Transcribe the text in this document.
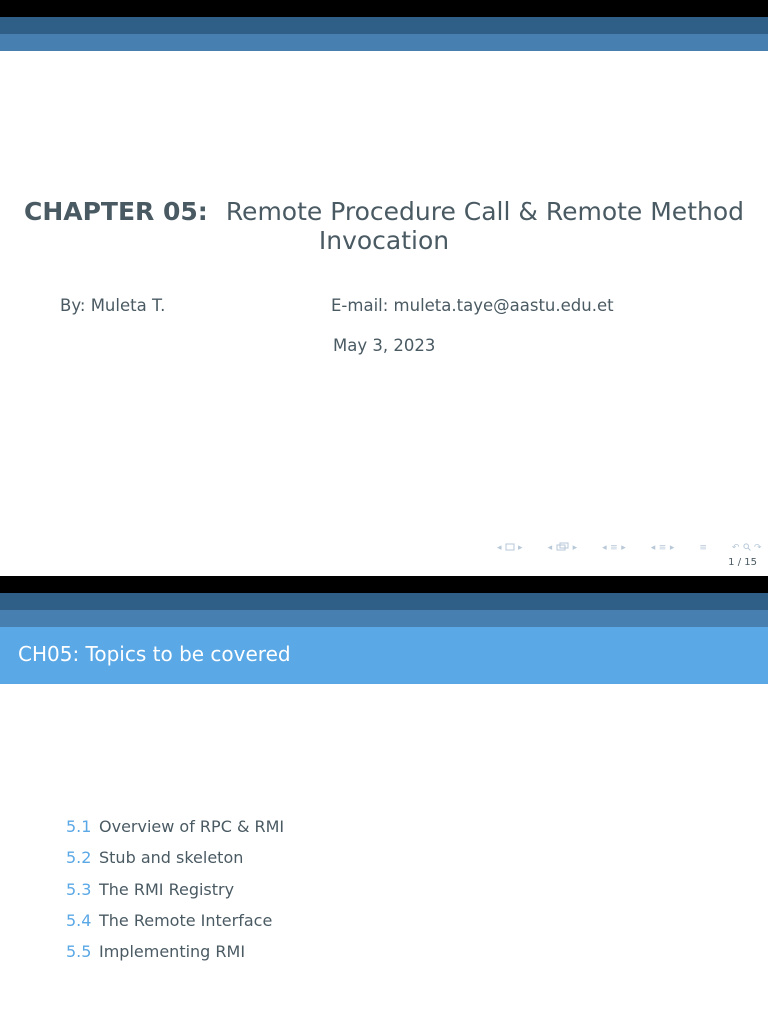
CHAPTER 05: Remote Procedure Call & Remote Method
Invocation
By: Muleta T.	E-mail: muleta.taye@aastu.edu.et
May 3, 2023
◂ ▸	◂ ▸	◂ ≡ ▸	◂ ≡ ▸	≡	↶ ↷
1 / 15
CH05: Topics to be covered
5.1 Overview of RPC & RMI
5.2 Stub and skeleton
5.3 The RMI Registry
5.4 The Remote Interface
5.5 Implementing RMI
